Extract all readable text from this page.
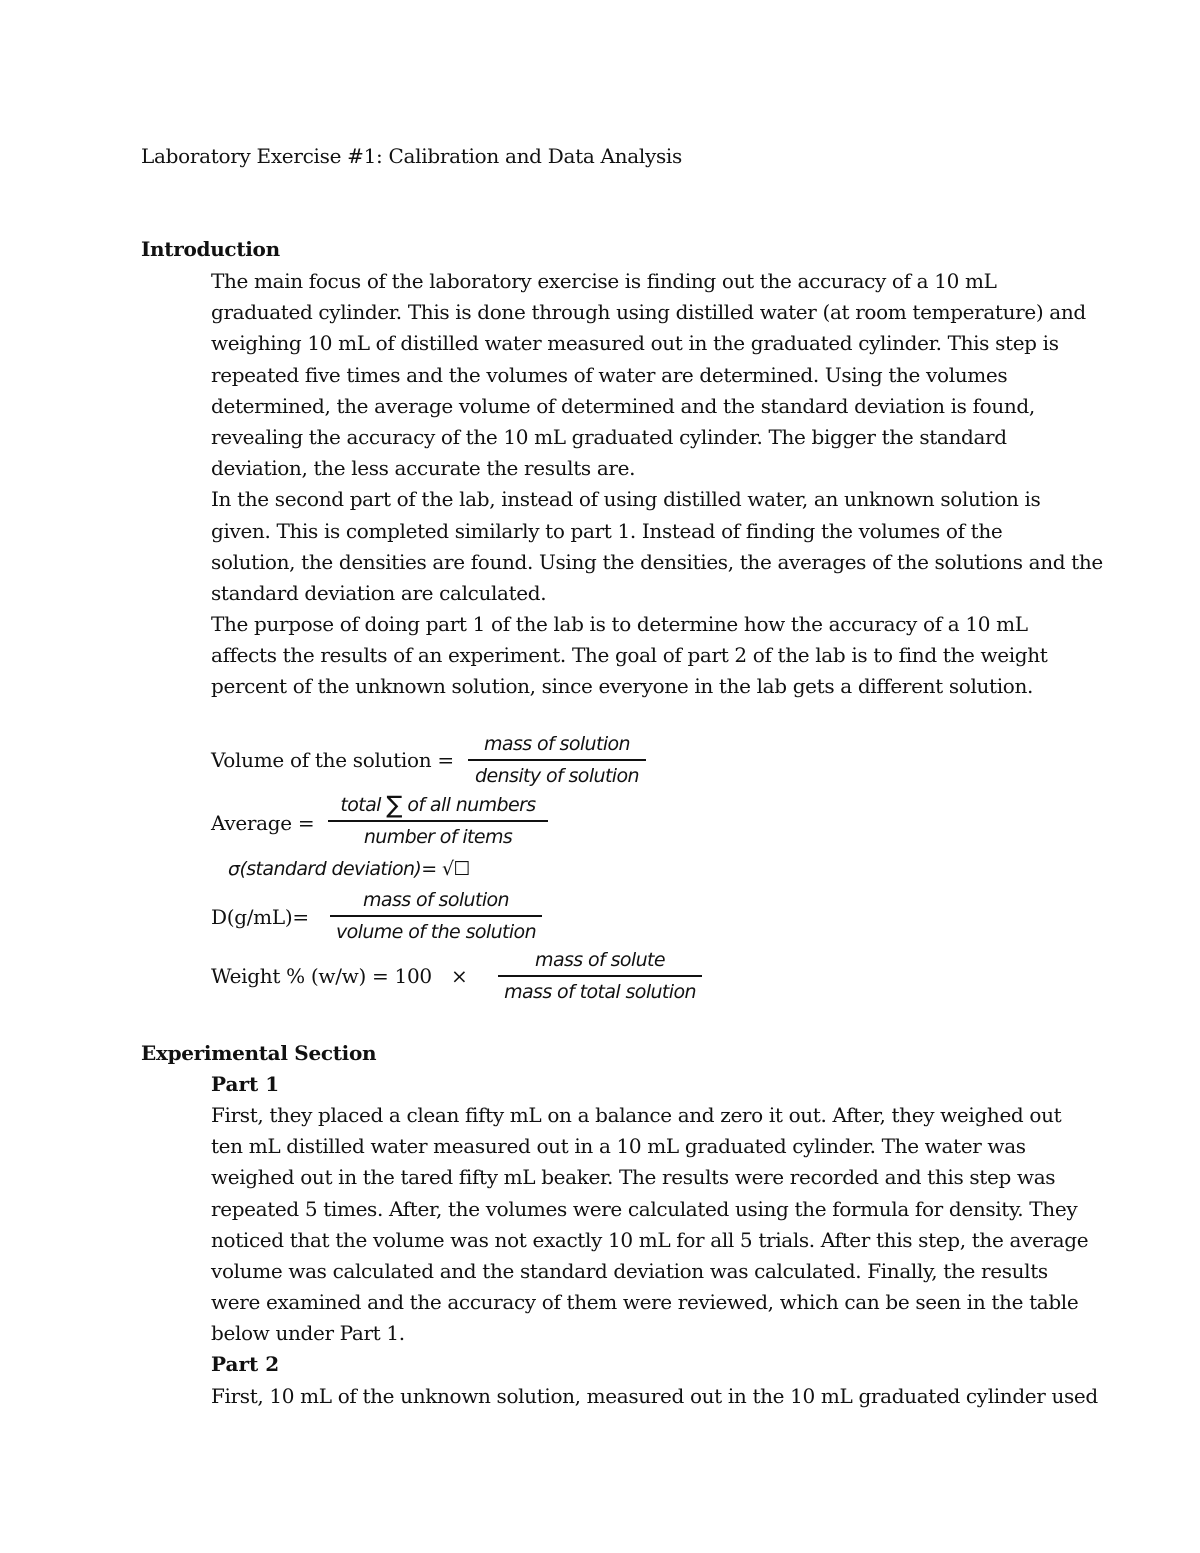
Laboratory Exercise #1: Calibration and Data Analysis
Introduction
The main focus of the laboratory exercise is finding out the accuracy of a 10 mL
graduated cylinder. This is done through using distilled water (at room temperature) and
weighing 10 mL of distilled water measured out in the graduated cylinder. This step is
repeated five times and the volumes of water are determined. Using the volumes
determined, the average volume of determined and the standard deviation is found,
revealing the accuracy of the 10 mL graduated cylinder. The bigger the standard
deviation, the less accurate the results are.
In the second part of the lab, instead of using distilled water, an unknown solution is
given. This is completed similarly to part 1. Instead of finding the volumes of the
solution, the densities are found. Using the densities, the averages of the solutions and the
standard deviation are calculated.
The purpose of doing part 1 of the lab is to determine how the accuracy of a 10 mL
affects the results of an experiment. The goal of part 2 of the lab is to find the weight
percent of the unknown solution, since everyone in the lab gets a different solution.
Volume of the solution =
mass of solution
density of solution
Average =
total ∑ of all numbers
number of items
σ(standard deviation)= √☐
D(g/mL)=
mass of solution
volume of the solution
Weight % (w/w) = 100 ×
mass of solute
mass of total solution
Experimental Section
Part 1
First, they placed a clean fifty mL on a balance and zero it out. After, they weighed out
ten mL distilled water measured out in a 10 mL graduated cylinder. The water was
weighed out in the tared fifty mL beaker. The results were recorded and this step was
repeated 5 times. After, the volumes were calculated using the formula for density. They
noticed that the volume was not exactly 10 mL for all 5 trials. After this step, the average
volume was calculated and the standard deviation was calculated. Finally, the results
were examined and the accuracy of them were reviewed, which can be seen in the table
below under Part 1.
Part 2
First, 10 mL of the unknown solution, measured out in the 10 mL graduated cylinder used
